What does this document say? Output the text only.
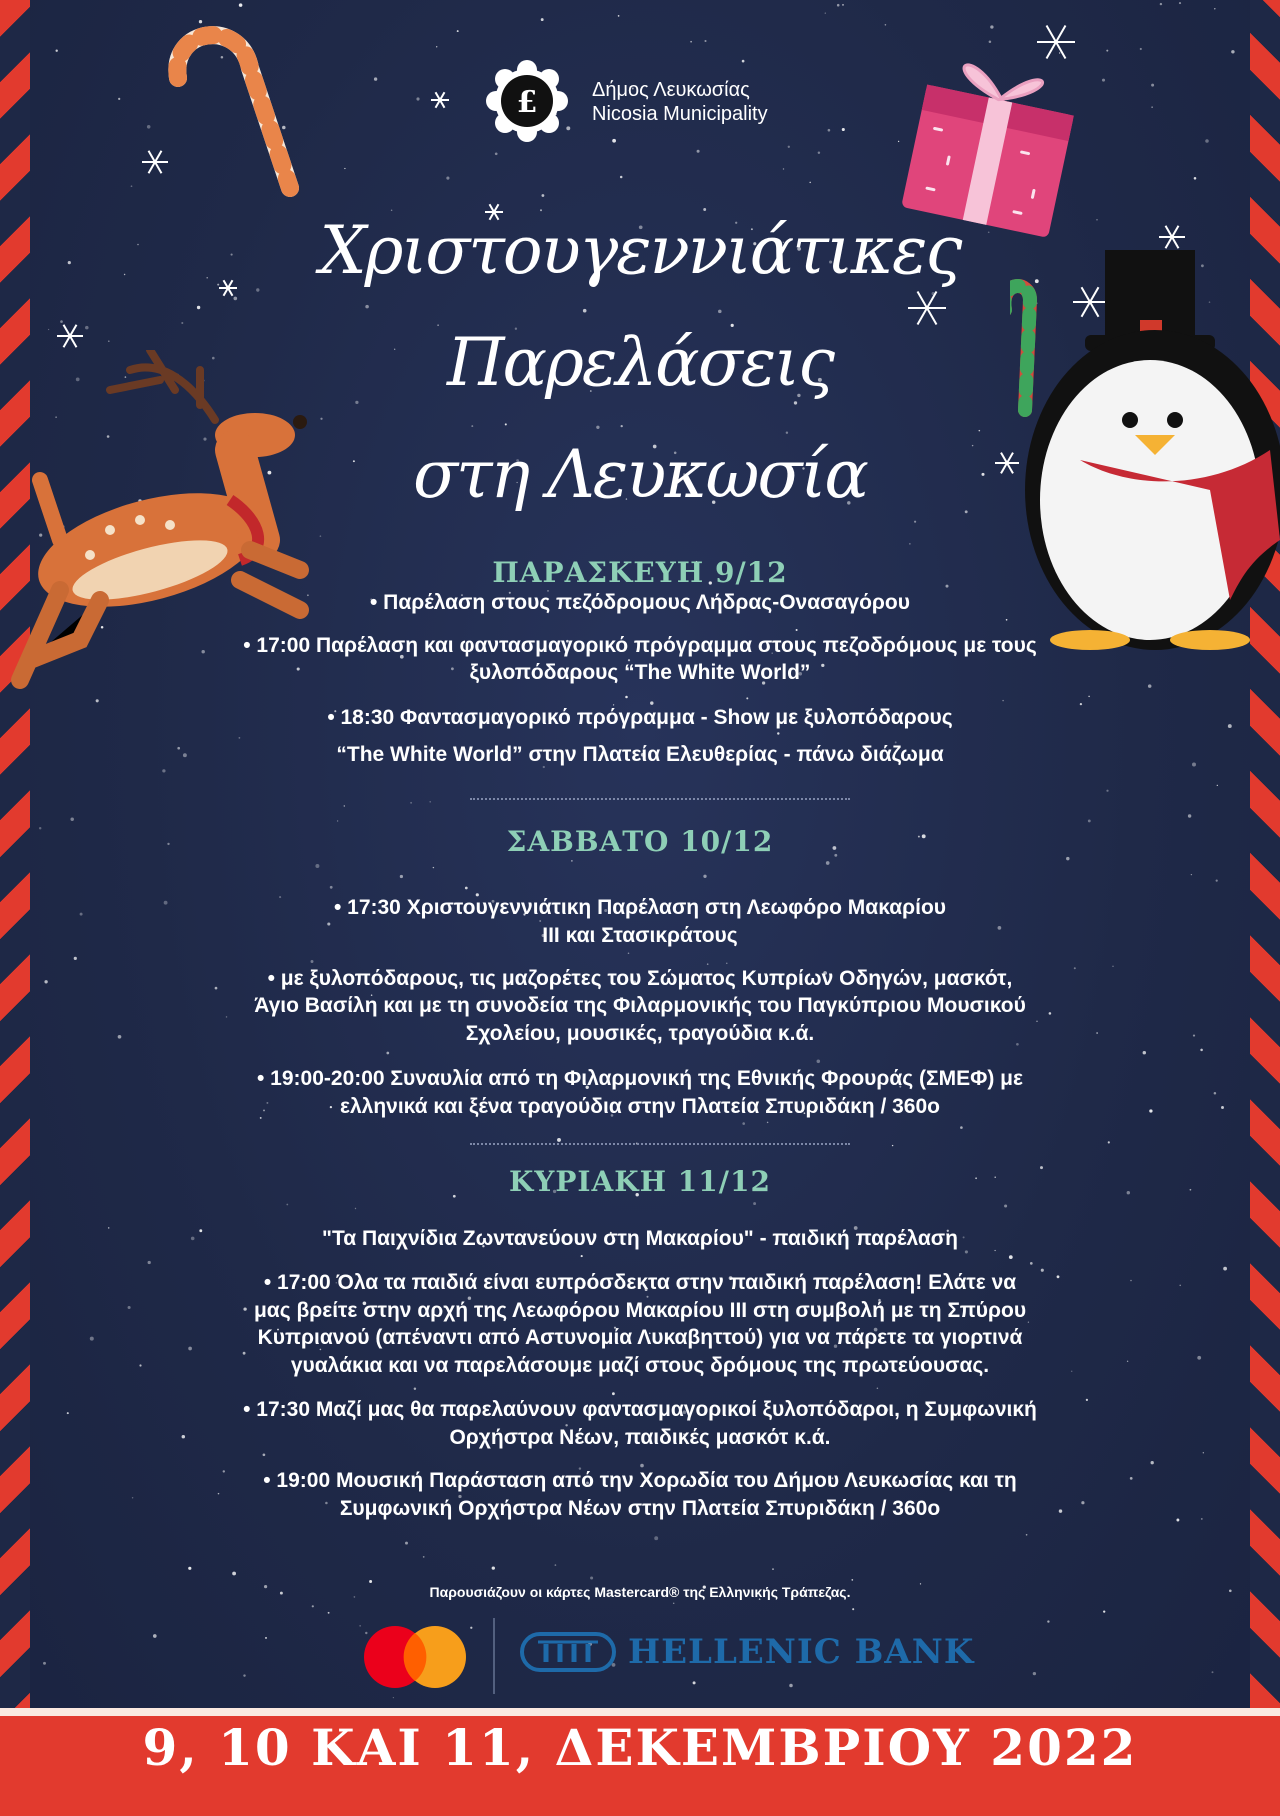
£	Δήμος Λευκωσίας
Nicosia Municipality
Χριστουγεννιάτικες
Παρελάσεις
στη Λευκωσία
ΠΑΡΑΣΚΕΥΗ 9/12
• Παρέλαση στους πεζόδρομους Λήδρας-Ονασαγόρου
• 17:00 Παρέλαση και φαντασμαγορικό πρόγραμμα στους πεζοδρόμους με τους
ξυλοπόδαρους “The White World”
• 18:30 Φαντασμαγορικό πρόγραμμα - Show με ξυλοπόδαρους
“The White World” στην Πλατεία Ελευθερίας - πάνω διάζωμα
ΣΑΒΒΑΤΟ 10/12
• 17:30 Χριστουγεννιάτικη Παρέλαση στη Λεωφόρο Μακαρίου
ΙΙΙ και Στασικράτους
• με ξυλοπόδαρους, τις μαζορέτες του Σώματος Κυπρίων Οδηγών, μασκότ,
Άγιο Βασίλη και με τη συνοδεία της Φιλαρμονικής του Παγκύπριου Μουσικού
Σχολείου, μουσικές, τραγούδια κ.ά.
• 19:00-20:00 Συναυλία από τη Φιλαρμονική της Εθνικής Φρουράς (ΣΜΕΦ) με
ελληνικά και ξένα τραγούδια στην Πλατεία Σπυριδάκη / 360ο
ΚΥΡΙΑΚΗ 11/12
"Τα Παιχνίδια Ζωντανεύουν στη Μακαρίου" - παιδική παρέλαση
• 17:00 Όλα τα παιδιά είναι ευπρόσδεκτα στην παιδική παρέλαση! Ελάτε να
μας βρείτε στην αρχή της Λεωφόρου Μακαρίου ΙΙΙ στη συμβολή με τη Σπύρου
Κυπριανού (απέναντι από Αστυνομία Λυκαβηττού) για να πάρετε τα γιορτινά
γυαλάκια και να παρελάσουμε μαζί στους δρόμους της πρωτεύουσας.
• 17:30 Μαζί μας θα παρελαύνουν φαντασμαγορικοί ξυλοπόδαροι, η Συμφωνική
Ορχήστρα Νέων, παιδικές μασκότ κ.ά.
• 19:00 Μουσική Παράσταση από την Χορωδία του Δήμου Λευκωσίας και τη
Συμφωνική Ορχήστρα Νέων στην Πλατεία Σπυριδάκη / 360ο
Παρουσιάζουν οι κάρτες Mastercard® της Ελληνικής Τράπεζας.
HELLENIC BANK
9, 10 ΚΑΙ 11, ΔΕΚΕΜΒΡΙΟΥ 2022
